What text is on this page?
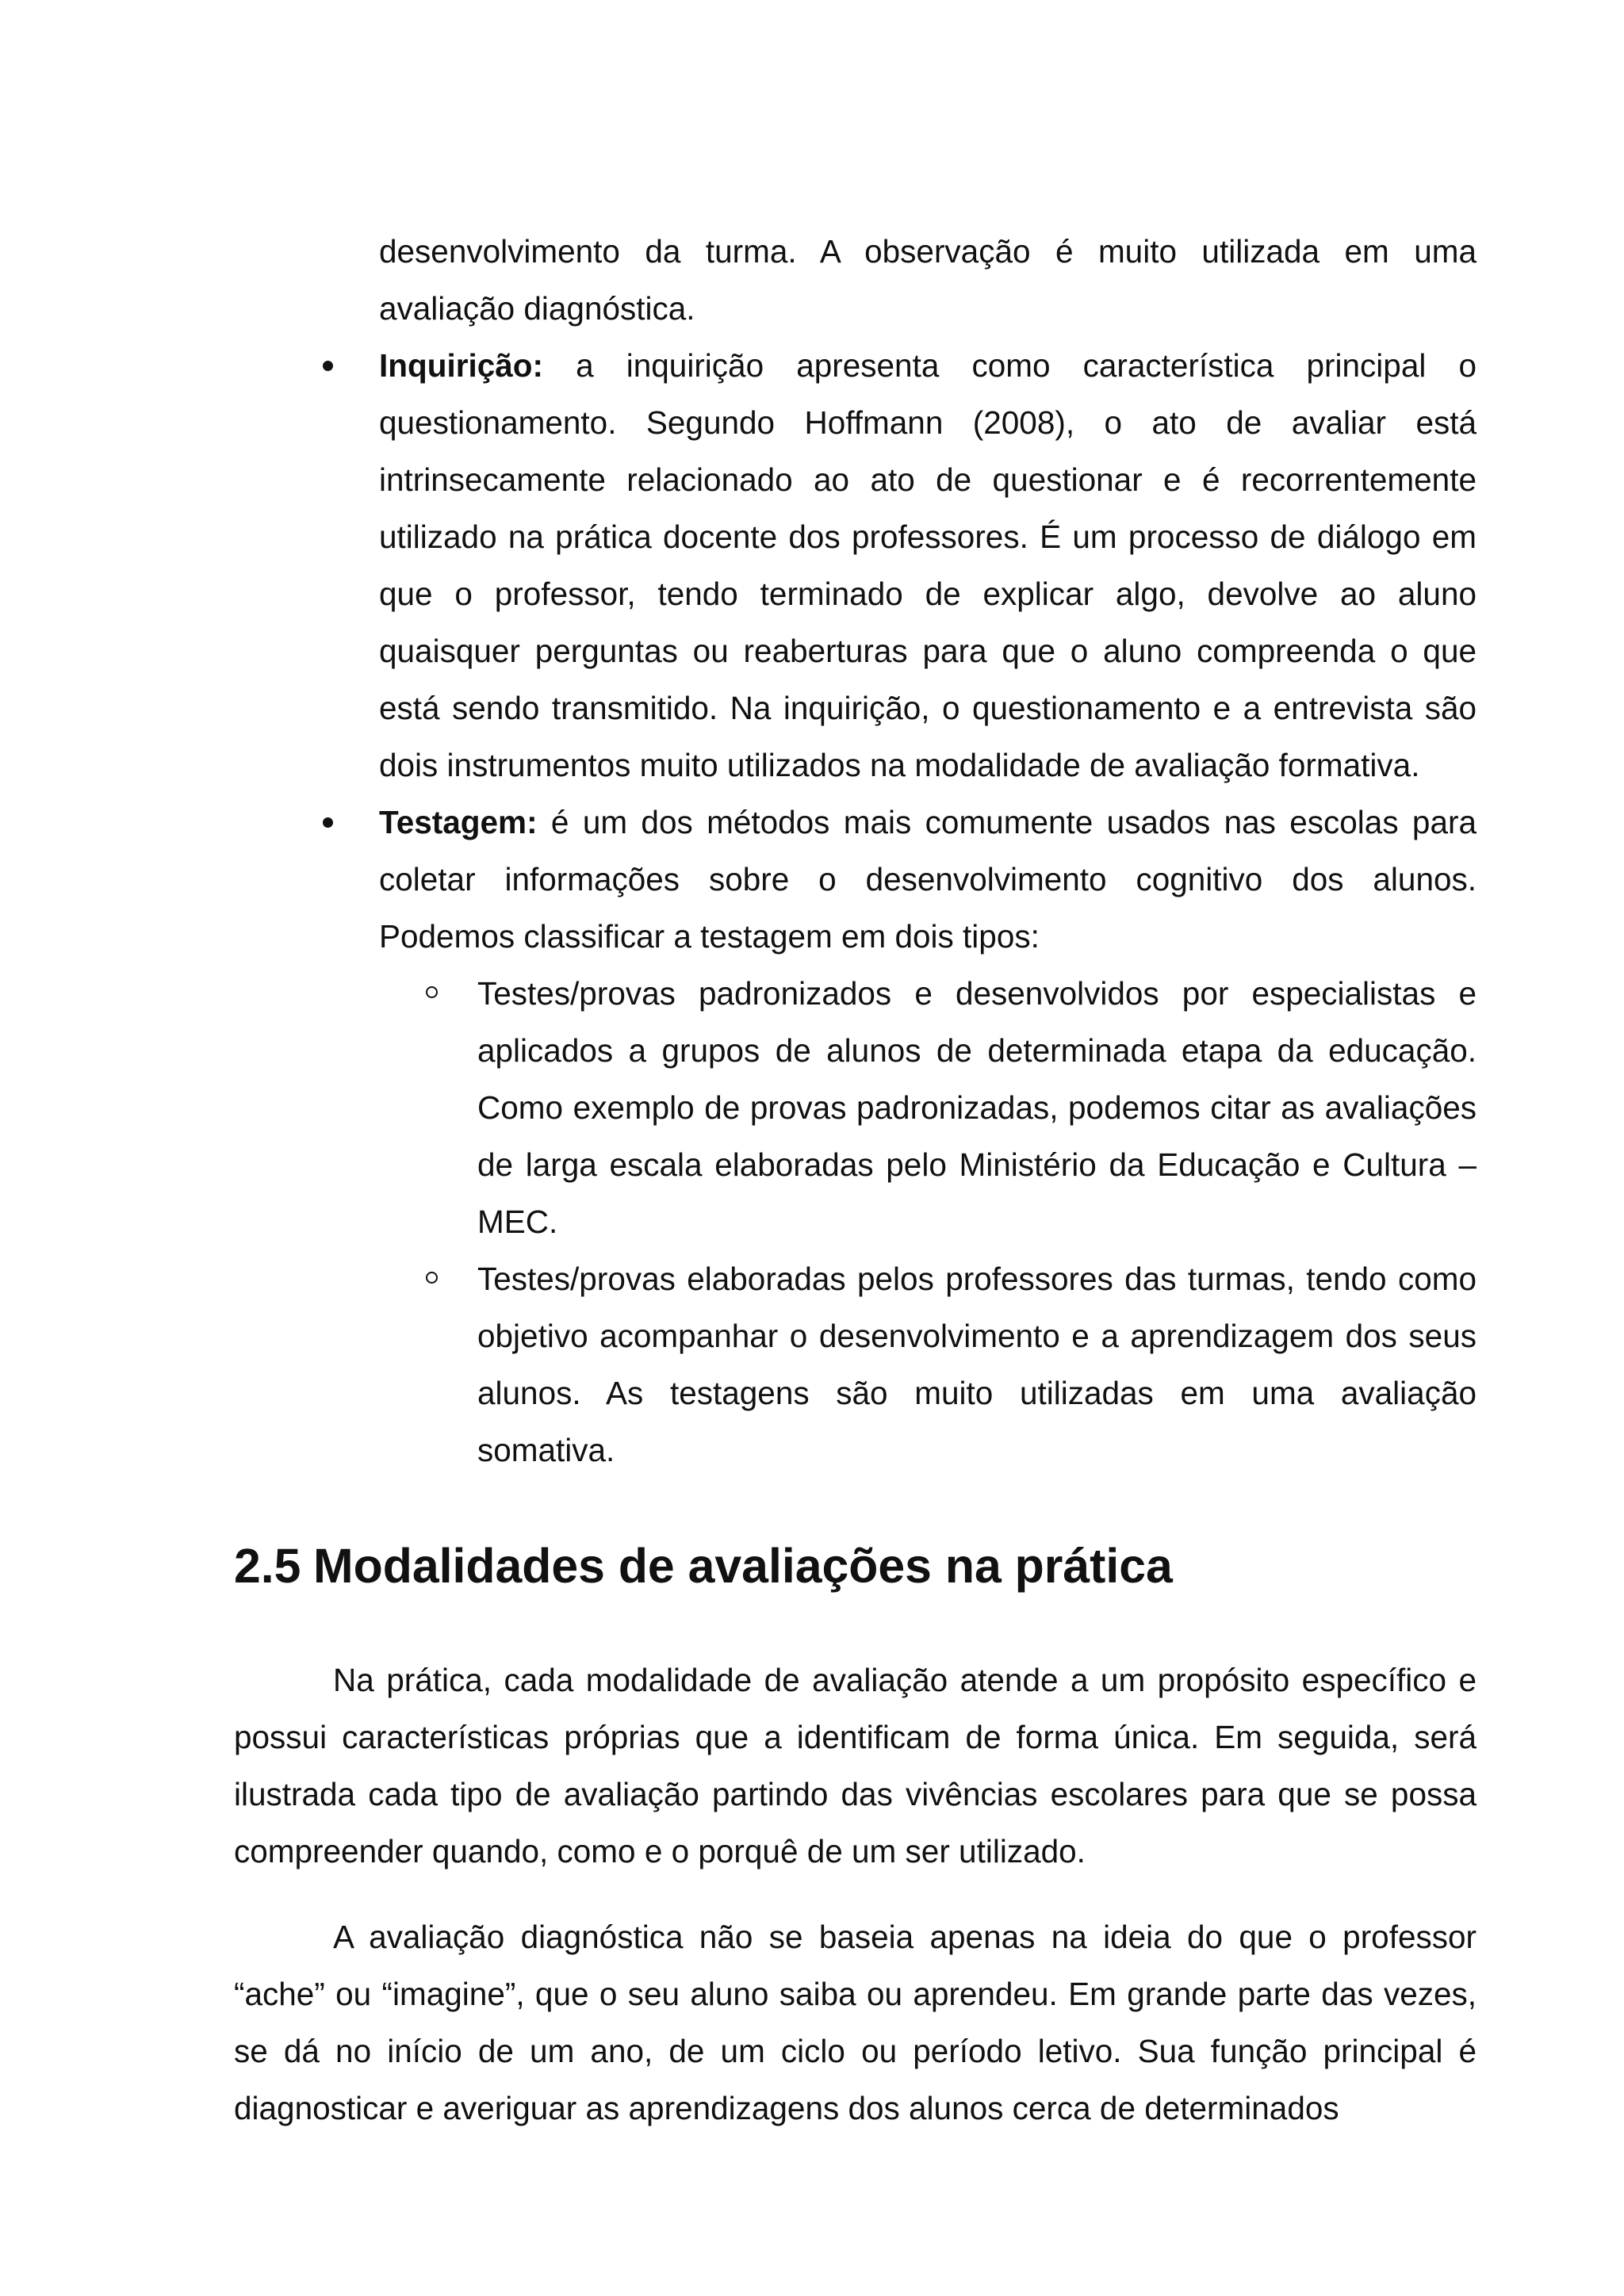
desenvolvimento da turma. A observação é muito utilizada em uma avaliação diagnóstica.

Inquirição: a inquirição apresenta como característica principal o questionamento. Segundo Hoffmann (2008), o ato de avaliar está intrinsecamente relacionado ao ato de questionar e é recorrentemente utilizado na prática docente dos professores. É um processo de diálogo em que o professor, tendo terminado de explicar algo, devolve ao aluno quaisquer perguntas ou reaberturas para que o aluno compreenda o que está sendo transmitido. Na inquirição, o questionamento e a entrevista são dois instrumentos muito utilizados na modalidade de avaliação formativa.

Testagem: é um dos métodos mais comumente usados nas escolas para coletar informações sobre o desenvolvimento cognitivo dos alunos. Podemos classificar a testagem em dois tipos:

Testes/provas padronizados e desenvolvidos por especialistas e aplicados a grupos de alunos de determinada etapa da educação. Como exemplo de provas padronizadas, podemos citar as avaliações de larga escala elaboradas pelo Ministério da Educação e Cultura – MEC.

Testes/provas elaboradas pelos professores das turmas, tendo como objetivo acompanhar o desenvolvimento e a aprendizagem dos seus alunos. As testagens são muito utilizadas em uma avaliação somativa.

2.5 Modalidades de avaliações na prática

Na prática, cada modalidade de avaliação atende a um propósito específico e possui características próprias que a identificam de forma única. Em seguida, será ilustrada cada tipo de avaliação partindo das vivências escolares para que se possa compreender quando, como e o porquê de um ser utilizado.

A avaliação diagnóstica não se baseia apenas na ideia do que o professor “ache” ou “imagine”, que o seu aluno saiba ou aprendeu. Em grande parte das vezes, se dá no início de um ano, de um ciclo ou período letivo. Sua função principal é diagnosticar e averiguar as aprendizagens dos alunos cerca de determinados
